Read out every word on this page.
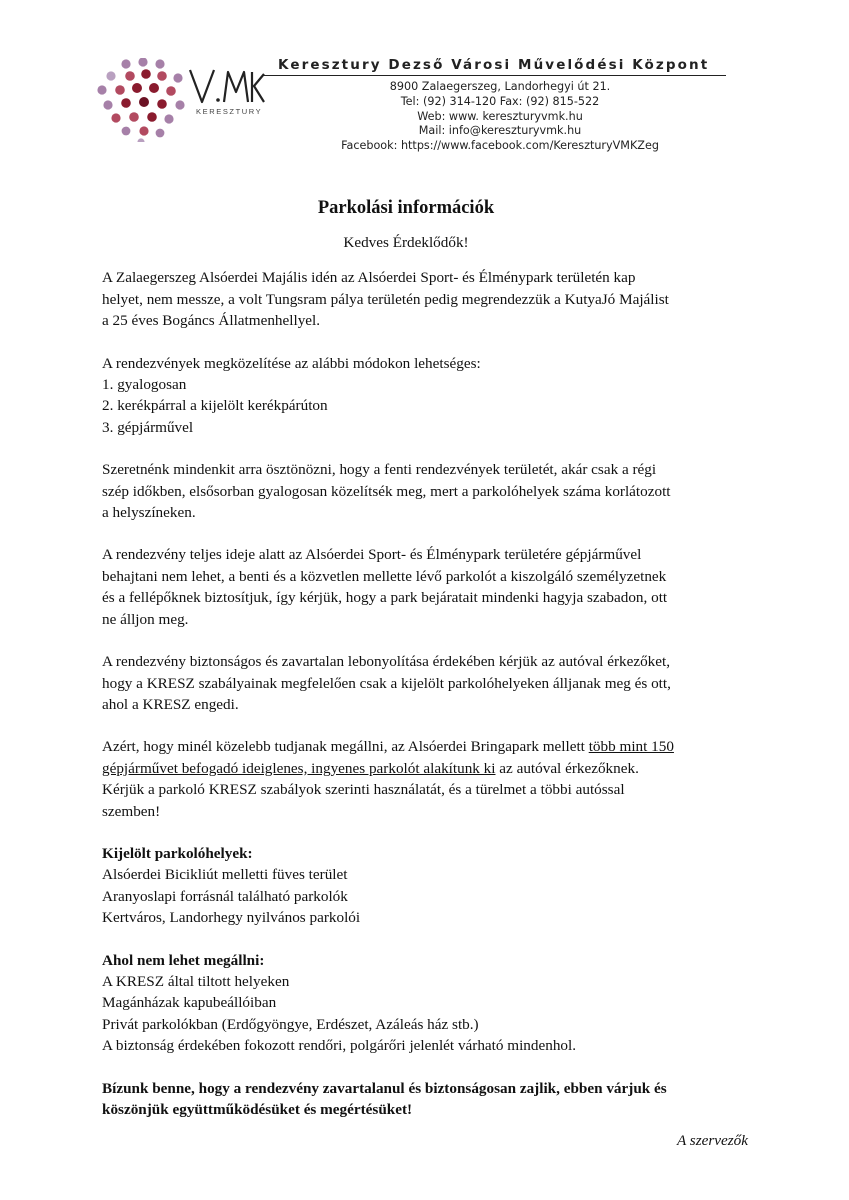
KERESZTURY
Keresztury Dezső Városi Művelődési Központ
8900 Zalaegerszeg, Landorhegyi út 21.
Tel: (92) 314-120 Fax: (92) 815-522
Web: www. kereszturyvmk.hu
Mail: info@kereszturyvmk.hu
Facebook: https://www.facebook.com/KereszturyVMKZeg
Parkolási információk
Kedves Érdeklődők!
A Zalaegerszeg Alsóerdei Majális idén az Alsóerdei Sport- és Élménypark területén kap
helyet, nem messze, a volt Tungsram pálya területén pedig megrendezzük a KutyaJó Majálist
a 25 éves Bogáncs Állatmenhellyel.
A rendezvények megközelítése az alábbi módokon lehetséges:
1. gyalogosan
2. kerékpárral a kijelölt kerékpárúton
3. gépjárművel
Szeretnénk mindenkit arra ösztönözni, hogy a fenti rendezvények területét, akár csak a régi
szép időkben, elsősorban gyalogosan közelítsék meg, mert a parkolóhelyek száma korlátozott
a helyszíneken.
A rendezvény teljes ideje alatt az Alsóerdei Sport- és Élménypark területére gépjárművel
behajtani nem lehet, a benti és a közvetlen mellette lévő parkolót a kiszolgáló személyzetnek
és a fellépőknek biztosítjuk, így kérjük, hogy a park bejáratait mindenki hagyja szabadon, ott
ne álljon meg.
A rendezvény biztonságos és zavartalan lebonyolítása érdekében kérjük az autóval érkezőket,
hogy a KRESZ szabályainak megfelelően csak a kijelölt parkolóhelyeken álljanak meg és ott,
ahol a KRESZ engedi.
Azért, hogy minél közelebb tudjanak megállni, az Alsóerdei Bringapark mellett több mint 150
gépjárművet befogadó ideiglenes, ingyenes parkolót alakítunk ki az autóval érkezőknek.
Kérjük a parkoló KRESZ szabályok szerinti használatát, és a türelmet a többi autóssal
szemben!
Kijelölt parkolóhelyek:
Alsóerdei Bicikliút melletti füves terület
Aranyoslapi forrásnál található parkolók
Kertváros, Landorhegy nyilvános parkolói
Ahol nem lehet megállni:
A KRESZ által tiltott helyeken
Magánházak kapubeállóiban
Privát parkolókban (Erdőgyöngye, Erdészet, Azáleás ház stb.)
A biztonság érdekében fokozott rendőri, polgárőri jelenlét várható mindenhol.
Bízunk benne, hogy a rendezvény zavartalanul és biztonságosan zajlik, ebben várjuk és
köszönjük együttműködésüket és megértésüket!
A szervezők
